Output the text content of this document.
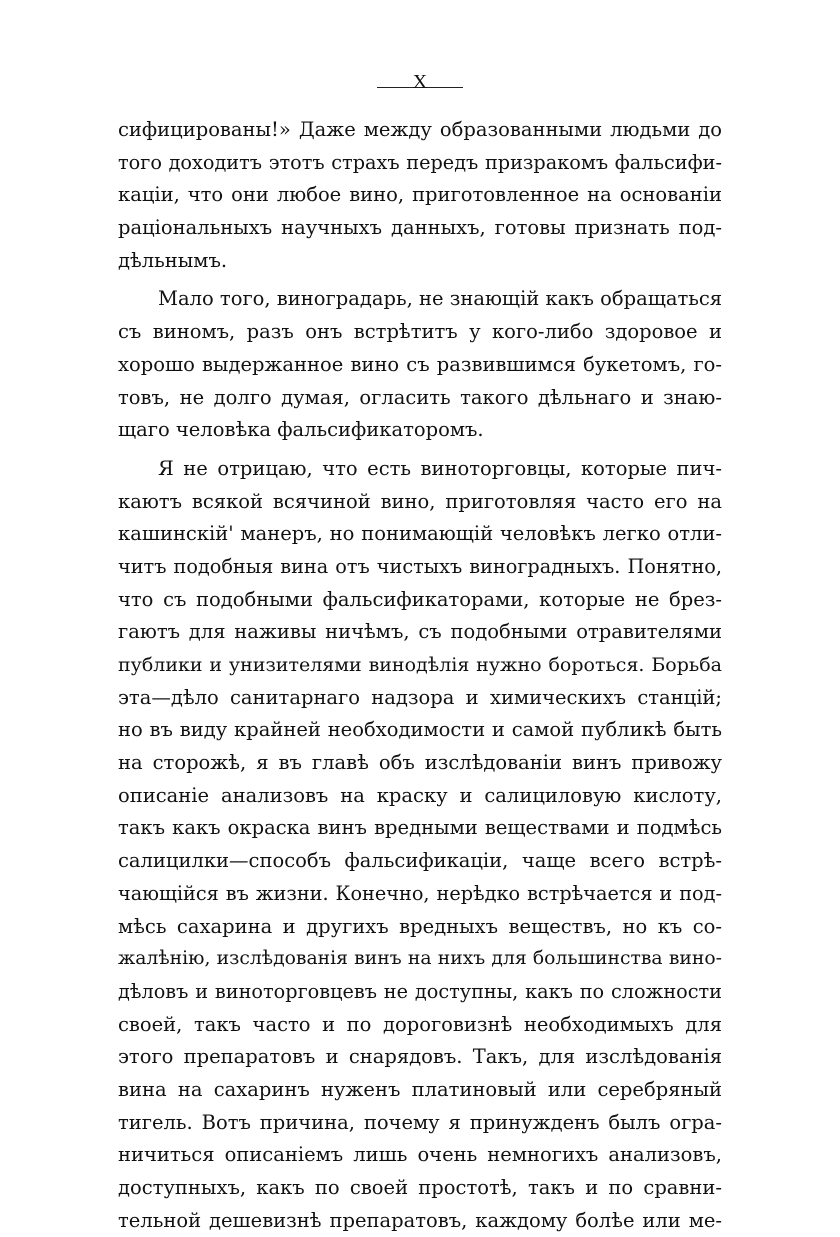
X
сифицированы!» Даже между образованными людьми до
того доходитъ этотъ страхъ передъ призракомъ фальсифи-
каціи, что они любое вино, приготовленное на основаніи
раціональныхъ научныхъ данныхъ, готовы признать под-
дѣльнымъ.
Мало того, виноградарь, не знающій какъ обращаться
съ виномъ, разъ онъ встрѣтитъ у кого-либо здоровое и
хорошо выдержанное вино съ развившимся букетомъ, го-
товъ, не долго думая, огласить такого дѣльнаго и знаю-
щаго человѣка фальсификаторомъ.
Я не отрицаю, что есть виноторговцы, которые пич-
каютъ всякой всячиной вино, приготовляя часто его на
кашинскій' манеръ, но понимающій человѣкъ легко отли-
читъ подобныя вина отъ чистыхъ виноградныхъ. Понятно,
что съ подобными фальсификаторами, которые не брез-
гаютъ для наживы ничѣмъ, съ подобными отравителями
публики и унизителями винодѣлія нужно бороться. Борьба
эта—дѣло санитарнаго надзора и химическихъ станцій;
но въ виду крайней необходимости и самой публикѣ быть
на сторожѣ, я въ главѣ объ изслѣдованіи винъ привожу
описаніе анализовъ на краску и салициловую кислоту,
такъ какъ окраска винъ вредными веществами и подмѣсь
салицилки—способъ фальсификаціи, чаще всего встрѣ-
чающійся въ жизни. Конечно, нерѣдко встрѣчается и под-
мѣсь сахарина и другихъ вредныхъ веществъ, но къ со-
жалѣнію, изслѣдованія винъ на нихъ для большинства вино-
дѣловъ и виноторговцевъ не доступны, какъ по сложности
своей, такъ часто и по дороговизнѣ необходимыхъ для
этого препаратовъ и снарядовъ. Такъ, для изслѣдованія
вина на сахаринъ нуженъ платиновый или серебряный
тигель. Вотъ причина, почему я принужденъ былъ огра-
ничиться описаніемъ лишь очень немногихъ анализовъ,
доступныхъ, какъ по своей простотѣ, такъ и по сравни-
тельной дешевизнѣ препаратовъ, каждому болѣе или ме-
